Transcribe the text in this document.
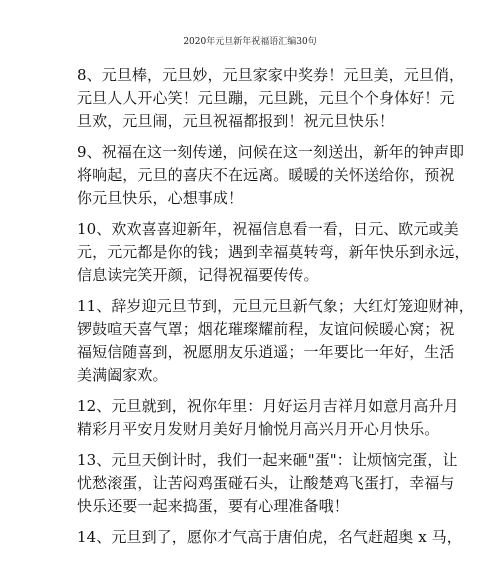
2020年元旦新年祝福语汇编30句
8、元旦棒，元旦妙，元旦家家中奖券！元旦美，元旦俏，
元旦人人开心笑！元旦蹦，元旦跳，元旦个个身体好！元
旦欢，元旦闹，元旦祝福都报到！祝元旦快乐！
9、祝福在这一刻传递，问候在这一刻送出，新年的钟声即
将响起，元旦的喜庆不在远离。暖暖的关怀送给你，预祝
你元旦快乐，心想事成！
10、欢欢喜喜迎新年，祝福信息看一看，日元、欧元或美
元，元元都是你的钱；遇到幸福莫转弯，新年快乐到永远，
信息读完笑开颜，记得祝福要传传。
11、辞岁迎元旦节到，元旦元旦新气象；大红灯笼迎财神，
锣鼓喧天喜气罩；烟花璀璨耀前程，友谊问候暖心窝；祝
福短信随喜到，祝愿朋友乐逍遥；一年要比一年好，生活
美满阖家欢。
12、元旦就到，祝你年里：月好运月吉祥月如意月高升月
精彩月平安月发财月美好月愉悦月高兴月开心月快乐。
13、元旦天倒计时，我们一起来砸"蛋"：让烦恼完蛋，让
忧愁滚蛋，让苦闷鸡蛋碰石头，让酸楚鸡飞蛋打，幸福与
快乐还要一起来捣蛋，要有心理准备哦！
14、元旦到了，愿你才气高于唐伯虎，名气赶超奥 x 马，
